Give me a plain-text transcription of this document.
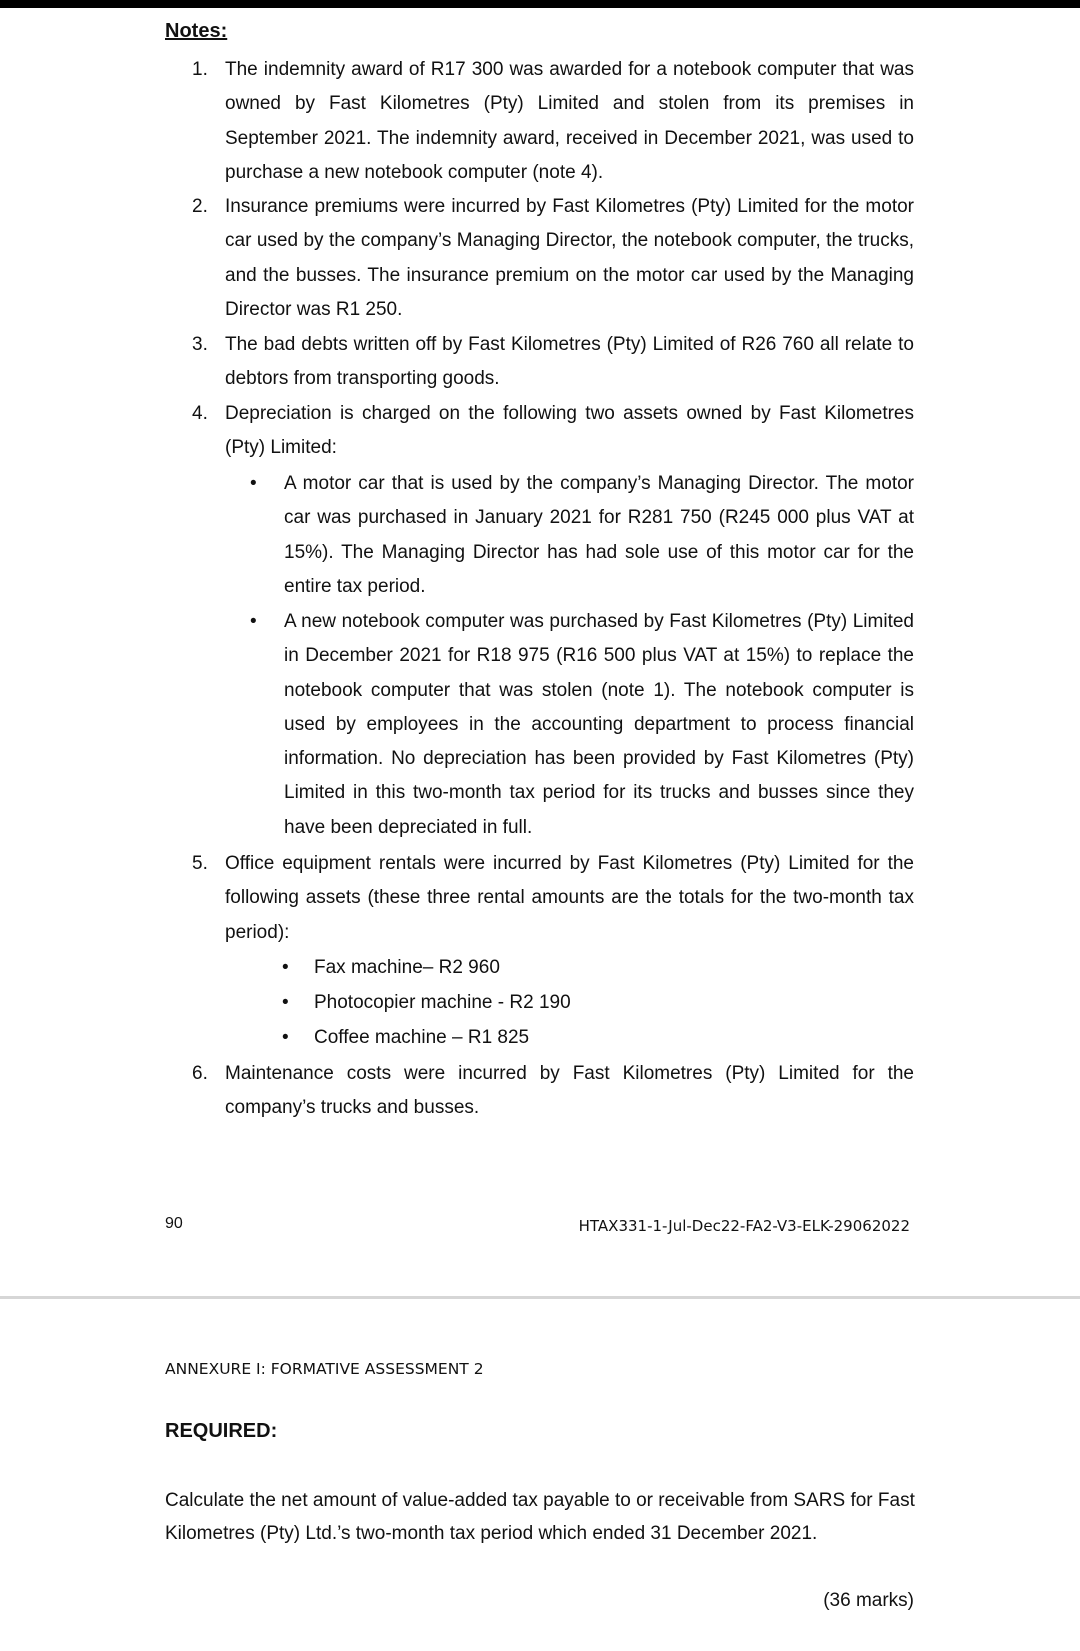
Notes:
1. The indemnity award of R17 300 was awarded for a notebook computer that was owned by Fast Kilometres (Pty) Limited and stolen from its premises in September 2021. The indemnity award, received in December 2021, was used to purchase a new notebook computer (note 4).
2. Insurance premiums were incurred by Fast Kilometres (Pty) Limited for the motor car used by the company’s Managing Director, the notebook computer, the trucks, and the busses. The insurance premium on the motor car used by the Managing Director was R1 250.
3. The bad debts written off by Fast Kilometres (Pty) Limited of R26 760 all relate to debtors from transporting goods.
4. Depreciation is charged on the following two assets owned by Fast Kilometres (Pty) Limited:
• A motor car that is used by the company’s Managing Director. The motor car was purchased in January 2021 for R281 750 (R245 000 plus VAT at 15%). The Managing Director has had sole use of this motor car for the entire tax period.
• A new notebook computer was purchased by Fast Kilometres (Pty) Limited in December 2021 for R18 975 (R16 500 plus VAT at 15%) to replace the notebook computer that was stolen (note 1). The notebook computer is used by employees in the accounting department to process financial information. No depreciation has been provided by Fast Kilometres (Pty) Limited in this two-month tax period for its trucks and busses since they have been depreciated in full.
5. Office equipment rentals were incurred by Fast Kilometres (Pty) Limited for the following assets (these three rental amounts are the totals for the two-month tax period):
• Fax machine– R2 960
• Photocopier machine - R2 190
• Coffee machine – R1 825
6. Maintenance costs were incurred by Fast Kilometres (Pty) Limited for the company’s trucks and busses.
90	HTAX331-1-Jul-Dec22-FA2-V3-ELK-29062022
ANNEXURE I: FORMATIVE ASSESSMENT 2
REQUIRED:
Calculate the net amount of value-added tax payable to or receivable from SARS for Fast Kilometres (Pty) Ltd.’s two-month tax period which ended 31 December 2021.
(36 marks)
